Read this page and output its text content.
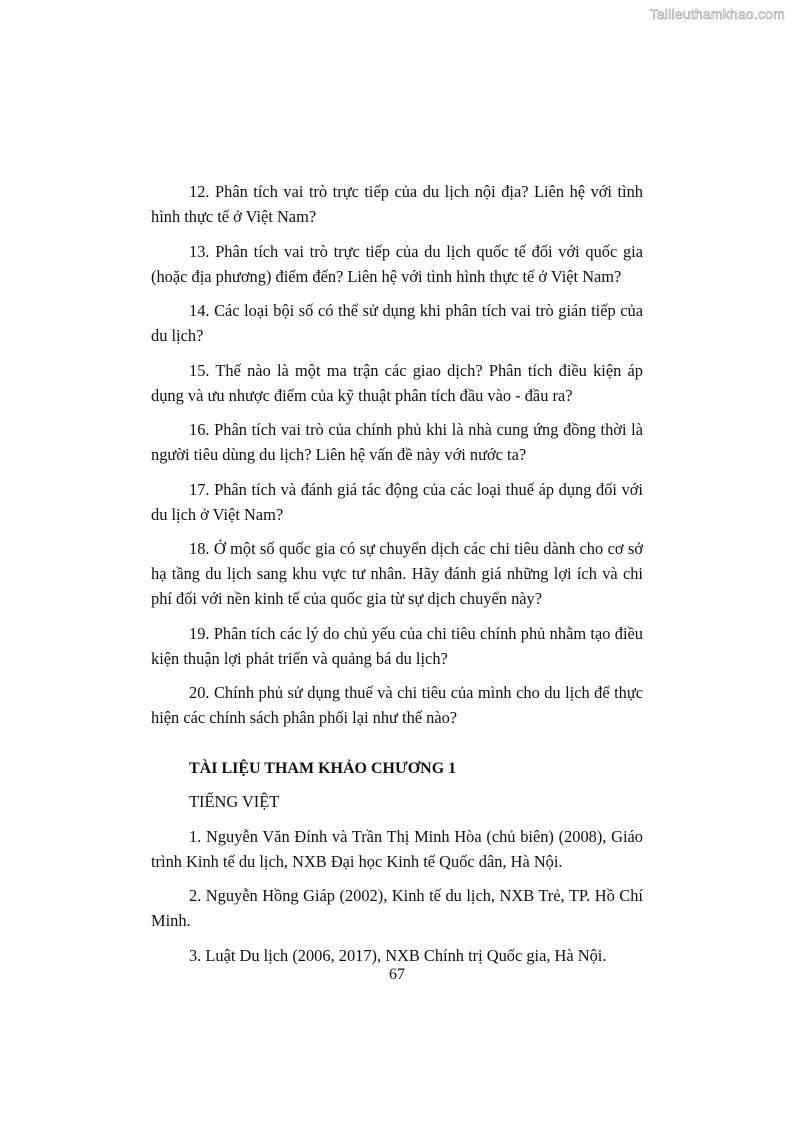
Tailieuthamkhao.com

12. Phân tích vai trò trực tiếp của du lịch nội địa? Liên hệ với tình hình thực tế ở Việt Nam?

13. Phân tích vai trò trực tiếp của du lịch quốc tế đối với quốc gia (hoặc địa phương) điểm đến? Liên hệ với tình hình thực tế ở Việt Nam?

14. Các loại bội số có thể sử dụng khi phân tích vai trò gián tiếp của du lịch?

15. Thế nào là một ma trận các giao dịch? Phân tích điều kiện áp dụng và ưu nhược điểm của kỹ thuật phân tích đầu vào - đầu ra?

16. Phân tích vai trò của chính phủ khi là nhà cung ứng đồng thời là người tiêu dùng du lịch? Liên hệ vấn đề này với nước ta?

17. Phân tích và đánh giá tác động của các loại thuế áp dụng đối với du lịch ở Việt Nam?

18. Ở một số quốc gia có sự chuyển dịch các chi tiêu dành cho cơ sở hạ tầng du lịch sang khu vực tư nhân. Hãy đánh giá những lợi ích và chi phí đối với nền kinh tế của quốc gia từ sự dịch chuyển này?

19. Phân tích các lý do chủ yếu của chi tiêu chính phủ nhằm tạo điều kiện thuận lợi phát triển và quảng bá du lịch?

20. Chính phủ sử dụng thuế và chi tiêu của mình cho du lịch để thực hiện các chính sách phân phối lại như thế nào?

TÀI LIỆU THAM KHẢO CHƯƠNG 1
TIẾNG VIỆT

1. Nguyễn Văn Đính và Trần Thị Minh Hòa (chủ biên) (2008), Giáo trình Kinh tế du lịch, NXB Đại học Kinh tế Quốc dân, Hà Nội.

2. Nguyễn Hồng Giáp (2002), Kinh tế du lịch, NXB Trẻ, TP. Hồ Chí Minh.

3. Luật Du lịch (2006, 2017), NXB Chính trị Quốc gia, Hà Nội.

67
